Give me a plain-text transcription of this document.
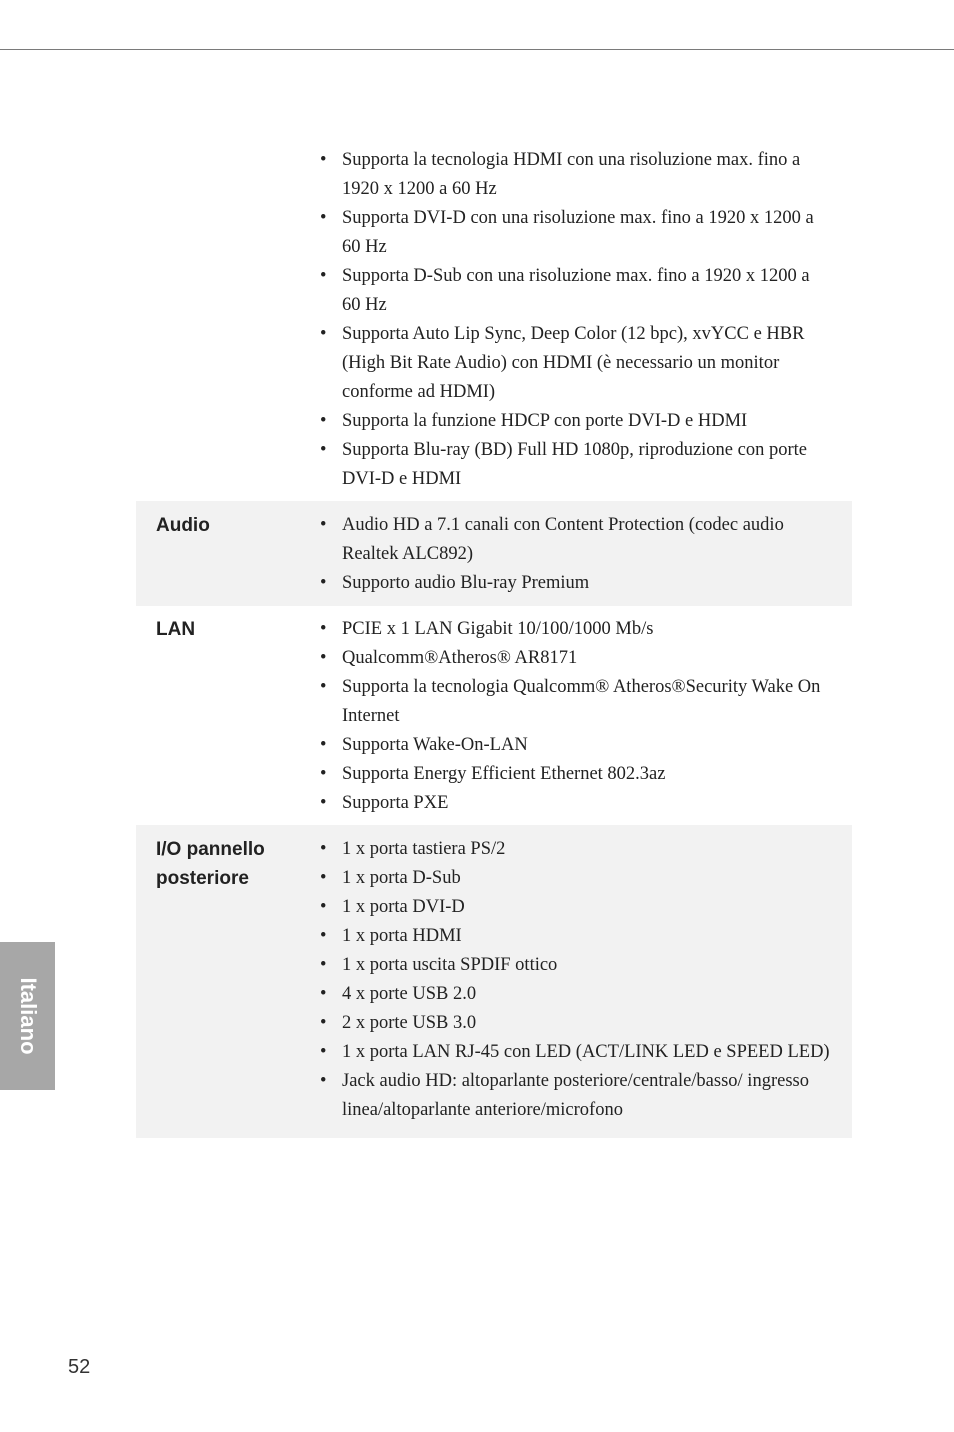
• Supporta la tecnologia HDMI con una risoluzione max. fino a 1920 x 1200 a 60 Hz
• Supporta DVI-D con una risoluzione max. fino a 1920 x 1200 a 60 Hz
• Supporta D-Sub con una risoluzione max. fino a 1920 x 1200 a 60 Hz
• Supporta Auto Lip Sync, Deep Color (12 bpc), xvYCC e HBR (High Bit Rate Audio) con HDMI (è necessario un monitor conforme ad HDMI)
• Supporta la funzione HDCP con porte DVI-D e HDMI
• Supporta Blu-ray (BD) Full HD 1080p, riproduzione con porte DVI-D e HDMI
Audio	• Audio HD a 7.1 canali con Content Protection (codec audio Realtek ALC892)
• Supporto audio Blu-ray Premium
LAN	• PCIE x 1 LAN Gigabit 10/100/1000 Mb/s
• Qualcomm®Atheros® AR8171
• Supporta la tecnologia Qualcomm® Atheros®Security Wake On Internet
• Supporta Wake-On-LAN
• Supporta Energy Efficient Ethernet 802.3az
• Supporta PXE
I/O pannello
posteriore
• 1 x porta tastiera PS/2
• 1 x porta D-Sub
• 1 x porta DVI-D
• 1 x porta HDMI
• 1 x porta uscita SPDIF ottico
• 4 x porte USB 2.0
• 2 x porte USB 3.0
• 1 x porta LAN RJ-45 con LED (ACT/LINK LED e SPEED LED)
• Jack audio HD: altoparlante posteriore/centrale/basso/ ingresso linea/altoparlante anteriore/microfono
Italiano
52
